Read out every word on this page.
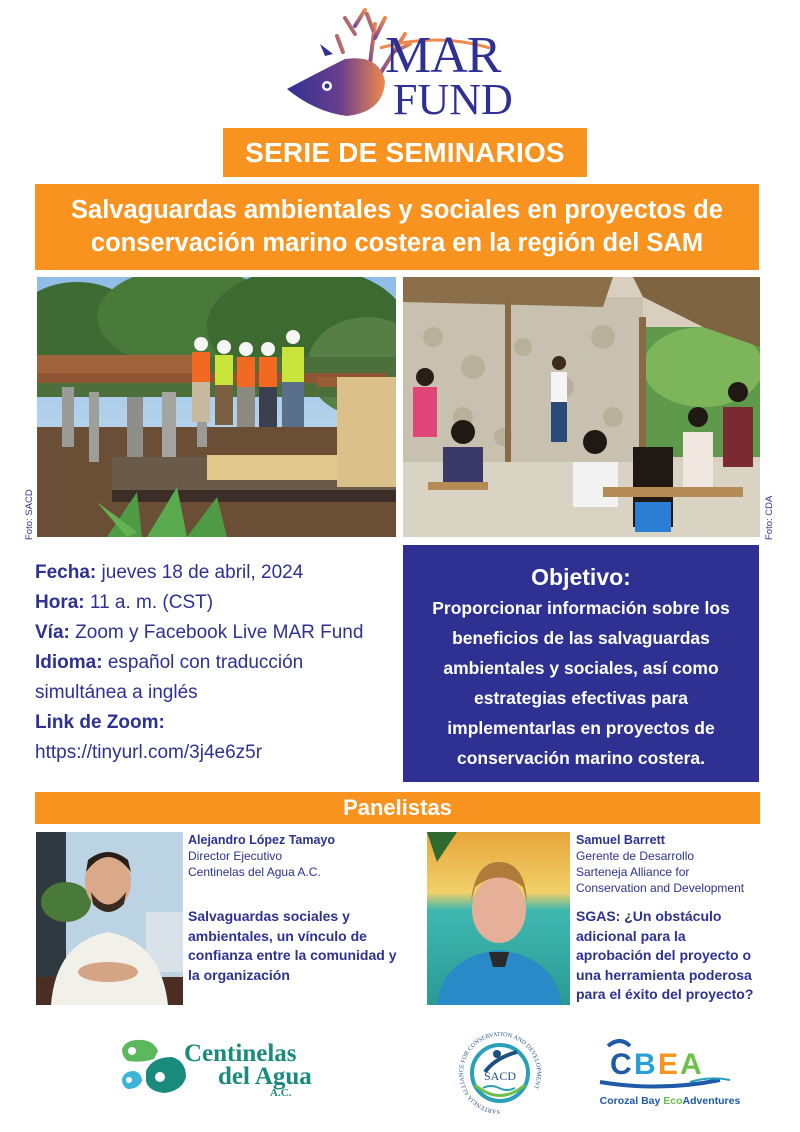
MAR
FUND
SERIE DE SEMINARIOS
Salvaguardas ambientales y sociales en proyectos de
conservación marino costera en la región del SAM
Foto: SACD	Foto: CDA
Fecha: jueves 18 de abril, 2024
Hora: 11 a. m. (CST)
Vía: Zoom y Facebook Live MAR Fund
Idioma: español con traducción
simultánea a inglés
Link de Zoom:
https://tinyurl.com/3j4e6z5r
Objetivo:
Proporcionar información sobre los
beneficios de las salvaguardas
ambientales y sociales, así como
estrategias efectivas para
implementarlas en proyectos de
conservación marino costera.
Panelistas
Alejandro López Tamayo
Director Ejecutivo
Centinelas del Agua A.C.
Salvaguardas sociales y
ambientales, un vínculo de
confianza entre la comunidad y
la organización
Samuel Barrett
Gerente de Desarrollo
Sarteneja Alliance for
Conservation and Development
SGAS: ¿Un obstáculo
adicional para la
aprobación del proyecto o
una herramienta poderosa
para el éxito del proyecto?
Centinelas
del Agua
A.C.
SARTENEJA ALLIANCE FOR CONSERVATION AND DEVELOPMENT
SACD	C B E A
Corozal Bay EcoAdventures
